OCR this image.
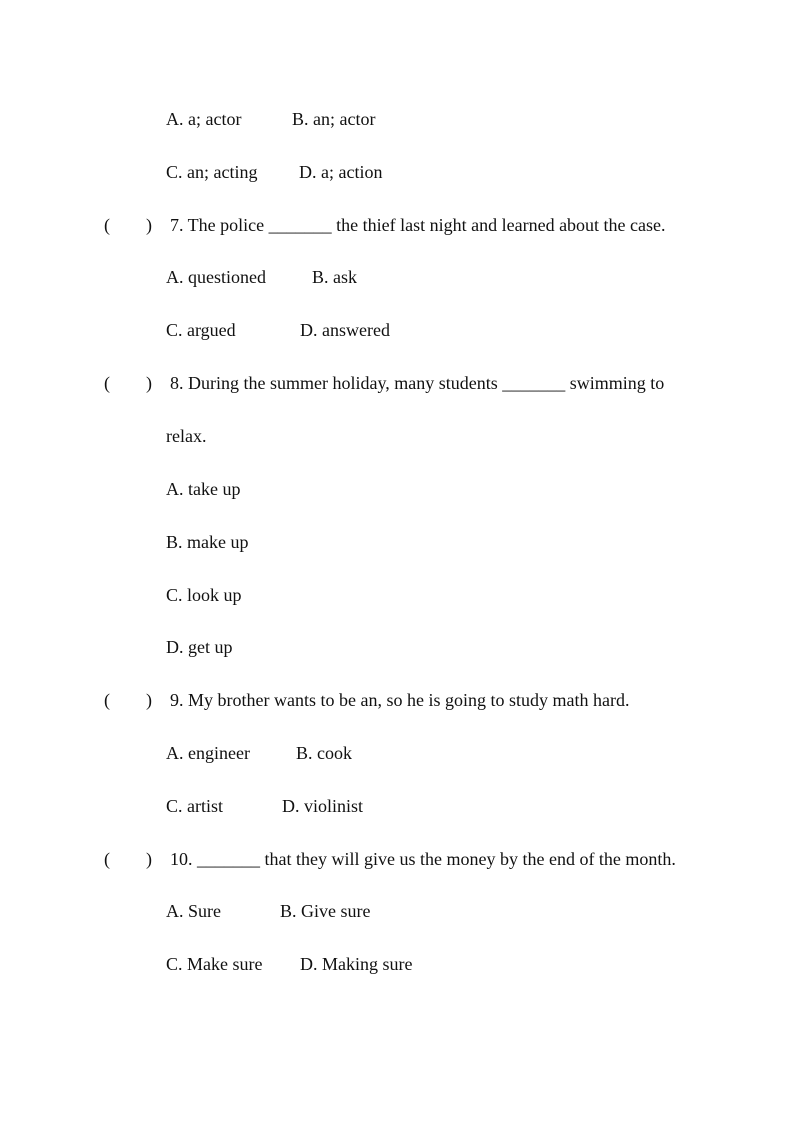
A. a; actor	B. an; actor
C. an; acting D. a; action
(　　) 7. The police _______ the thief last night and learned about the case.
A. questioned	B. ask
C. argued	D. answered
(　　) 8. During the summer holiday, many students _______ swimming to
relax.
A. take up
B. make up
C. look up
D. get up
(　　) 9. My brother wants to be an, so he is going to study math hard.
A. engineer	B. cook
C. artist	D. violinist
(　　) 10. _______ that they will give us the money by the end of the month.
A. Sure	B. Give sure
C. Make sure D. Making sure
